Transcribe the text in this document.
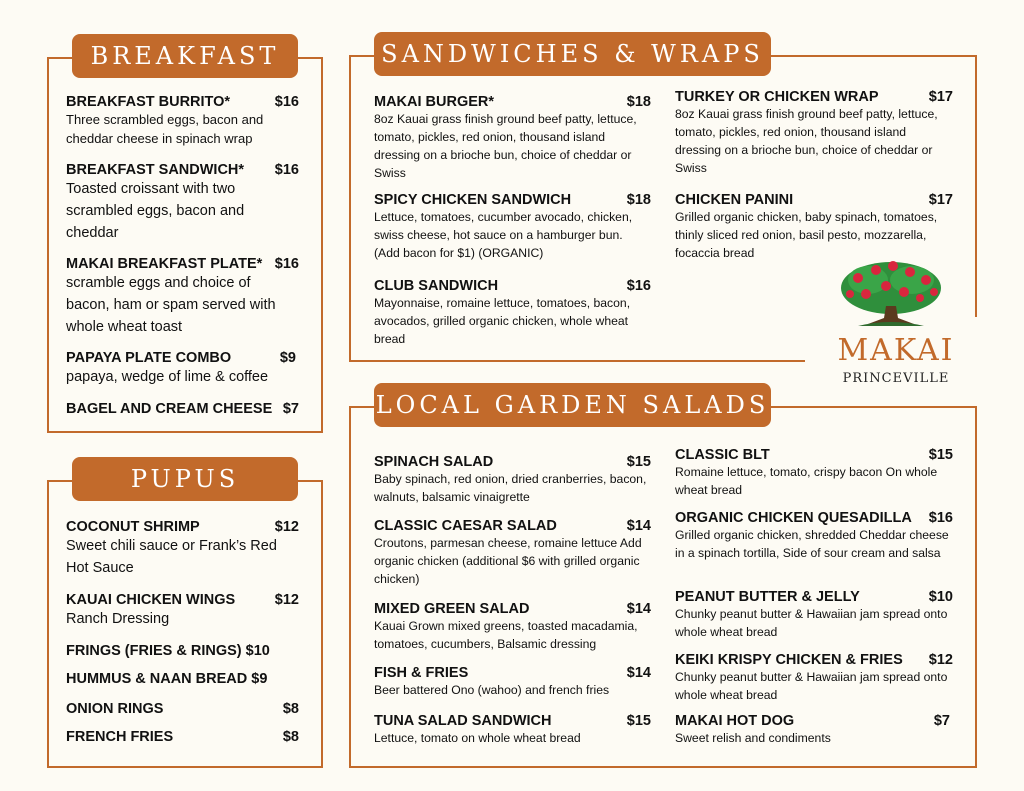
BREAKFAST
BREAKFAST BURRITO*	$16
Three scrambled eggs, bacon and cheddar cheese in spinach wrap
BREAKFAST SANDWICH* $16
Toasted croissant with two scrambled eggs, bacon and cheddar
MAKAI BREAKFAST PLATE* $16
scramble eggs and choice of bacon, ham or spam served with whole wheat toast
PAPAYA PLATE COMBO	$9
papaya, wedge of lime & coffee
BAGEL AND CREAM CHEESE $7
PUPUS
COCONUT SHRIMP	$12
Sweet chili sauce or Frank’s Red Hot Sauce
KAUAI CHICKEN WINGS	$12
Ranch Dressing
FRINGS (FRIES & RINGS) $10
HUMMUS & NAAN BREAD $9
ONION RINGS	$8
FRENCH FRIES	$8
SANDWICHES & WRAPS
MAKAI BURGER*	$18
8oz Kauai grass finish ground beef patty, lettuce, tomato, pickles, red onion, thousand island dressing on a brioche bun, choice of cheddar or Swiss
SPICY CHICKEN SANDWICH	$18
Lettuce, tomatoes, cucumber avocado, chicken, swiss cheese, hot sauce on a hamburger bun. (Add bacon for $1) (ORGANIC)
CLUB SANDWICH	$16
Mayonnaise, romaine lettuce, tomatoes, bacon, avocados, grilled organic chicken, whole wheat bread
TURKEY OR CHICKEN WRAP	$17
8oz Kauai grass finish ground beef patty, lettuce, tomato, pickles, red onion, thousand island dressing on a brioche bun, choice of cheddar or Swiss
CHICKEN PANINI	$17
Grilled organic chicken, baby spinach, tomatoes, thinly sliced red onion, basil pesto, mozzarella, focaccia bread
MAKAI
PRINCEVILLE
LOCAL GARDEN SALADS
SPINACH SALAD	$15
Baby spinach, red onion, dried cranberries, bacon, walnuts, balsamic vinaigrette
CLASSIC CAESAR SALAD	$14
Croutons, parmesan cheese, romaine lettuce Add organic chicken (additional $6 with grilled organic chicken)
MIXED GREEN SALAD	$14
Kauai Grown mixed greens, toasted macadamia, tomatoes, cucumbers, Balsamic dressing
FISH & FRIES	$14
Beer battered Ono (wahoo) and french fries
TUNA SALAD SANDWICH	$15
Lettuce, tomato on whole wheat bread
CLASSIC BLT	$15
Romaine lettuce, tomato, crispy bacon On whole wheat bread
ORGANIC CHICKEN QUESADILLA $16
Grilled organic chicken, shredded Cheddar cheese in a spinach tortilla, Side of sour cream and salsa
PEANUT BUTTER & JELLY	$10
Chunky peanut butter & Hawaiian jam spread onto whole wheat bread
KEIKI KRISPY CHICKEN & FRIES $12
Chunky peanut butter & Hawaiian jam spread onto whole wheat bread
MAKAI HOT DOG	$7
Sweet relish and condiments
